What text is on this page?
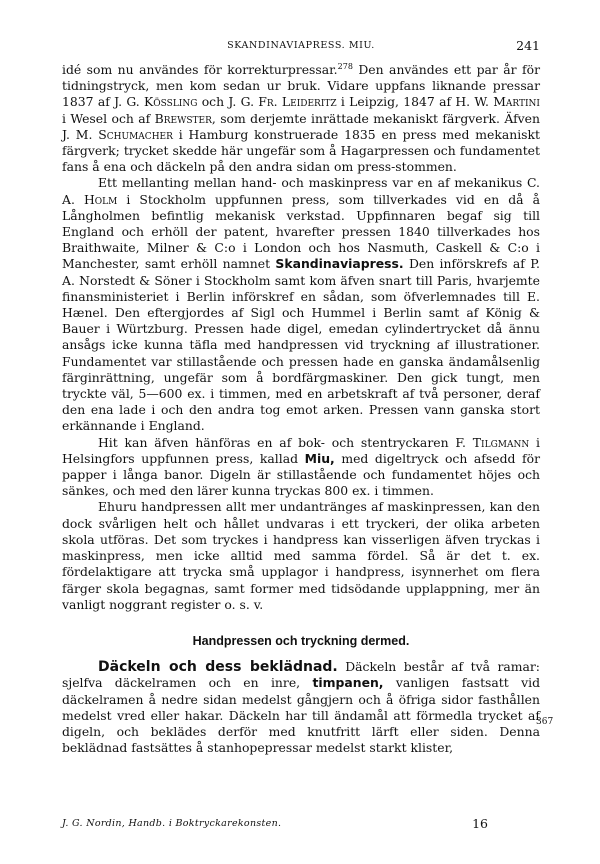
SKANDINAVIAPRESS. MIU.	241

idé som nu användes för korrekturpressar.$^{278}$ Den användes ett par år för tidningstryck, men kom sedan ur bruk. Vidare uppfans liknande pressar 1837 af J. G. Kössling och J. G. Fr. Leideritz i Leipzig, 1847 af H. W. Martini i Wesel och af Brewster, som derjemte inrättade mekaniskt färgverk. Äfven J. M. Schumacher i Hamburg konstruerade 1835 en press med mekaniskt färgverk; trycket skedde här ungefär som å Hagarpressen och fundamentet fans å ena och däckeln på den andra sidan om press-stommen.

Ett mellanting mellan hand- och maskinpress var en af mekanikus C. A. Holm i Stockholm uppfunnen press, som tillverkades vid en då å Långholmen befintlig mekanisk verkstad. Uppfinnaren begaf sig till England och erhöll der patent, hvarefter pressen 1840 tillverkades hos Braithwaite, Milner & C:o i London och hos Nasmuth, Caskell & C:o i Manchester, samt erhöll namnet Skandinaviapress. Den införskrefs af P. A. Norstedt & Söner i Stockholm samt kom äfven snart till Paris, hvarjemte finansministeriet i Berlin införskref en sådan, som öfverlemnades till E. Hænel. Den eftergjordes af Sigl och Hummel i Berlin samt af König & Bauer i Würtzburg. Pressen hade digel, emedan cylindertrycket då ännu ansågs icke kunna täfla med handpressen vid tryckning af illustrationer. Fundamentet var stillastående och pressen hade en ganska ändamålsenlig färginrättning, ungefär som å bordfärgmaskiner. Den gick tungt, men tryckte väl, 5—600 ex. i timmen, med en arbetskraft af två personer, deraf den ena lade i och den andra tog emot arken. Pressen vann ganska stort erkännande i England.

Hit kan äfven hänföras en af bok- och stentryckaren F. Tilgmann i Helsingfors uppfunnen press, kallad Miu, med digeltryck och afsedd för papper i långa banor. Digeln är stillastående och fundamentet höjes och sänkes, och med den lärer kunna tryckas 800 ex. i timmen.

Ehuru handpressen allt mer undantränges af maskinpressen, kan den dock svårligen helt och hållet undvaras i ett tryckeri, der olika arbeten skola utföras. Det som tryckes i handpress kan visserligen äfven tryckas i maskinpress, men icke alltid med samma fördel. Så är det t. ex. fördelaktigare att trycka små upplagor i handpress, isynnerhet om flera färger skola begagnas, samt former med tidsödande upplappning, mer än vanligt noggrant register o. s. v.

Handpressen och tryckning dermed.

Däckeln och dess beklädnad. Däckeln består af två ramar: sjelfva däckelramen och en inre, timpanen, vanligen fastsatt vid däckelramen å nedre sidan medelst gångjern och å öfriga sidor fasthållen medelst vred eller hakar. Däckeln har till ändamål att förmedla trycket af digeln, och beklädes derför med knutfritt lärft eller siden. Denna beklädnad fastsättes å stanhopepressar medelst starkt klister,

367
J. G. Nordin, Handb. i Boktryckarekonsten.	16
